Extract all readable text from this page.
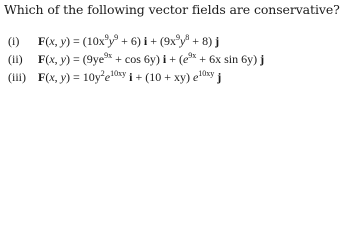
Which of the following vector fields are conservative?
(i) F(x, $y) = (10x^9y^9 + 6) i + (9x^9y^8 + 8)$ j
(ii) F(x, $y) = (9ye^{9x} + \cos 6y) i + (e^{9x} + 6x$ sin 6y) j
(iii) F(x, $y) = 10y^2e^{10xy}$ i + (10 + xy) $e^{10xy}$ j
